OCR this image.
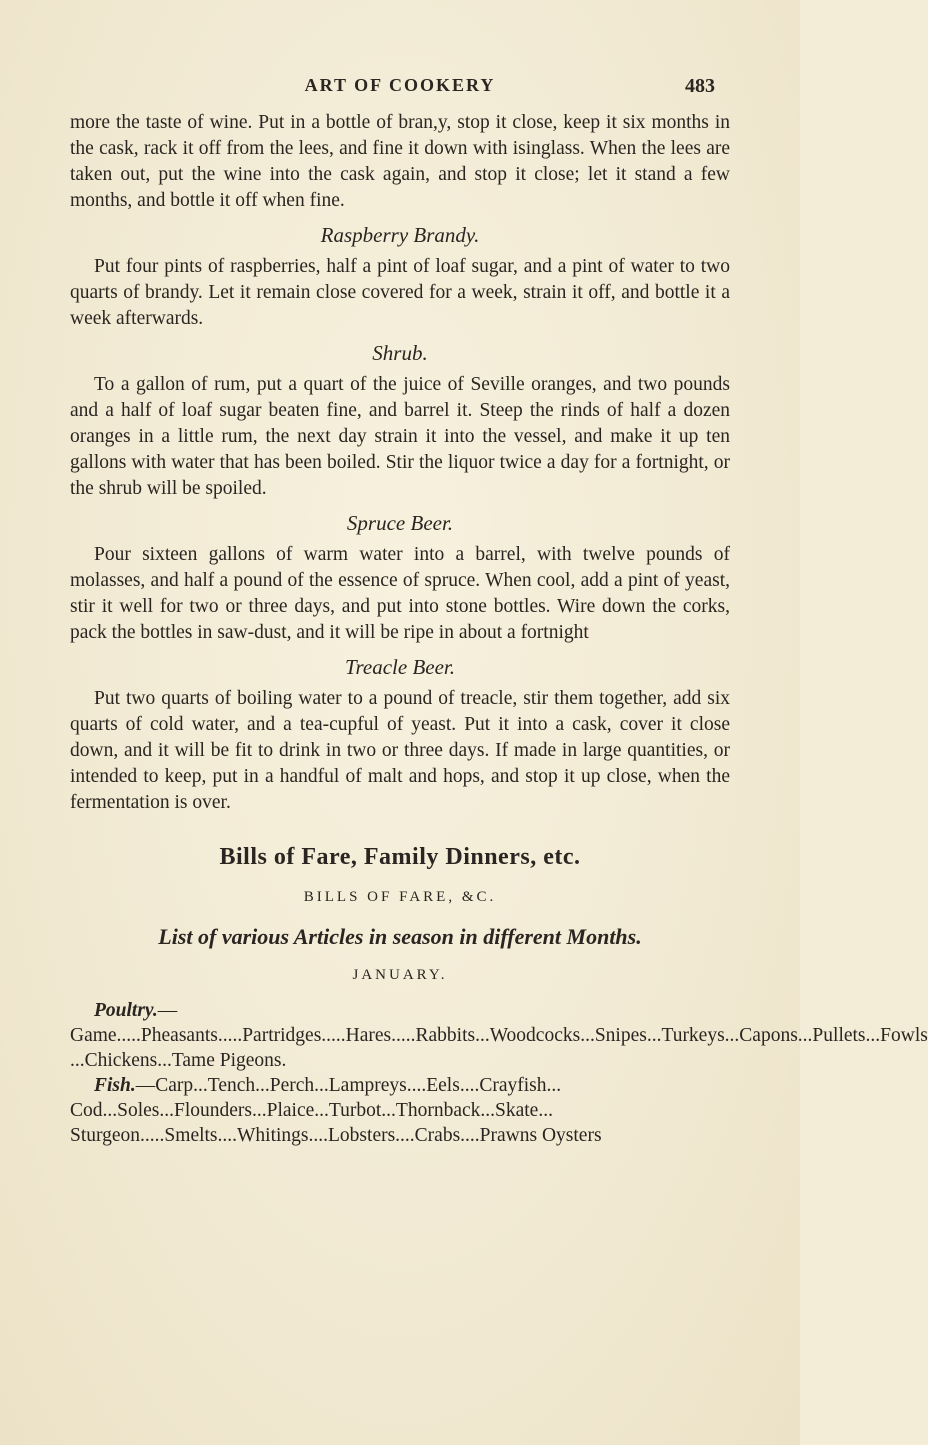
ART OF COOKERY	483

more the taste of wine. Put in a bottle of bran,y, stop it close, keep it six months in the cask, rack it off from the lees, and fine it down with isinglass. When the lees are taken out, put the wine into the cask again, and stop it close; let it stand a few months, and bottle it off when fine.

Raspberry Brandy.

Put four pints of raspberries, half a pint of loaf sugar, and a pint of water to two quarts of brandy. Let it remain close covered for a week, strain it off, and bottle it a week afterwards.

Shrub.

To a gallon of rum, put a quart of the juice of Seville oranges, and two pounds and a half of loaf sugar beaten fine, and barrel it. Steep the rinds of half a dozen oranges in a little rum, the next day strain it into the vessel, and make it up ten gallons with water that has been boiled. Stir the liquor twice a day for a fortnight, or the shrub will be spoiled.

Spruce Beer.

Pour sixteen gallons of warm water into a barrel, with twelve pounds of molasses, and half a pound of the essence of spruce. When cool, add a pint of yeast, stir it well for two or three days, and put into stone bottles. Wire down the corks, pack the bottles in saw-dust, and it will be ripe in about a fortnight

Treacle Beer.

Put two quarts of boiling water to a pound of treacle, stir them together, add six quarts of cold water, and a tea-cupful of yeast. Put it into a cask, cover it close down, and it will be fit to drink in two or three days. If made in large quantities, or intended to keep, put in a handful of malt and hops, and stop it up close, when the fermentation is over.

Bills of Fare, Family Dinners, etc.
BILLS OF FARE, &C.
List of various Articles in season in different Months.
JANUARY.

Poultry.—Game.....Pheasants.....Partridges.....Hares.....Rabbits...Woodcocks...Snipes...Turkeys...Capons...Pullets...Fowls ...Chickens...Tame Pigeons.

Fish.—Carp...Tench...Perch...Lampreys....Eels....Crayfish... Cod...Soles...Flounders...Plaice...Turbot...Thornback...Skate... Sturgeon.....Smelts....Whitings....Lobsters....Crabs....Prawns Oysters
